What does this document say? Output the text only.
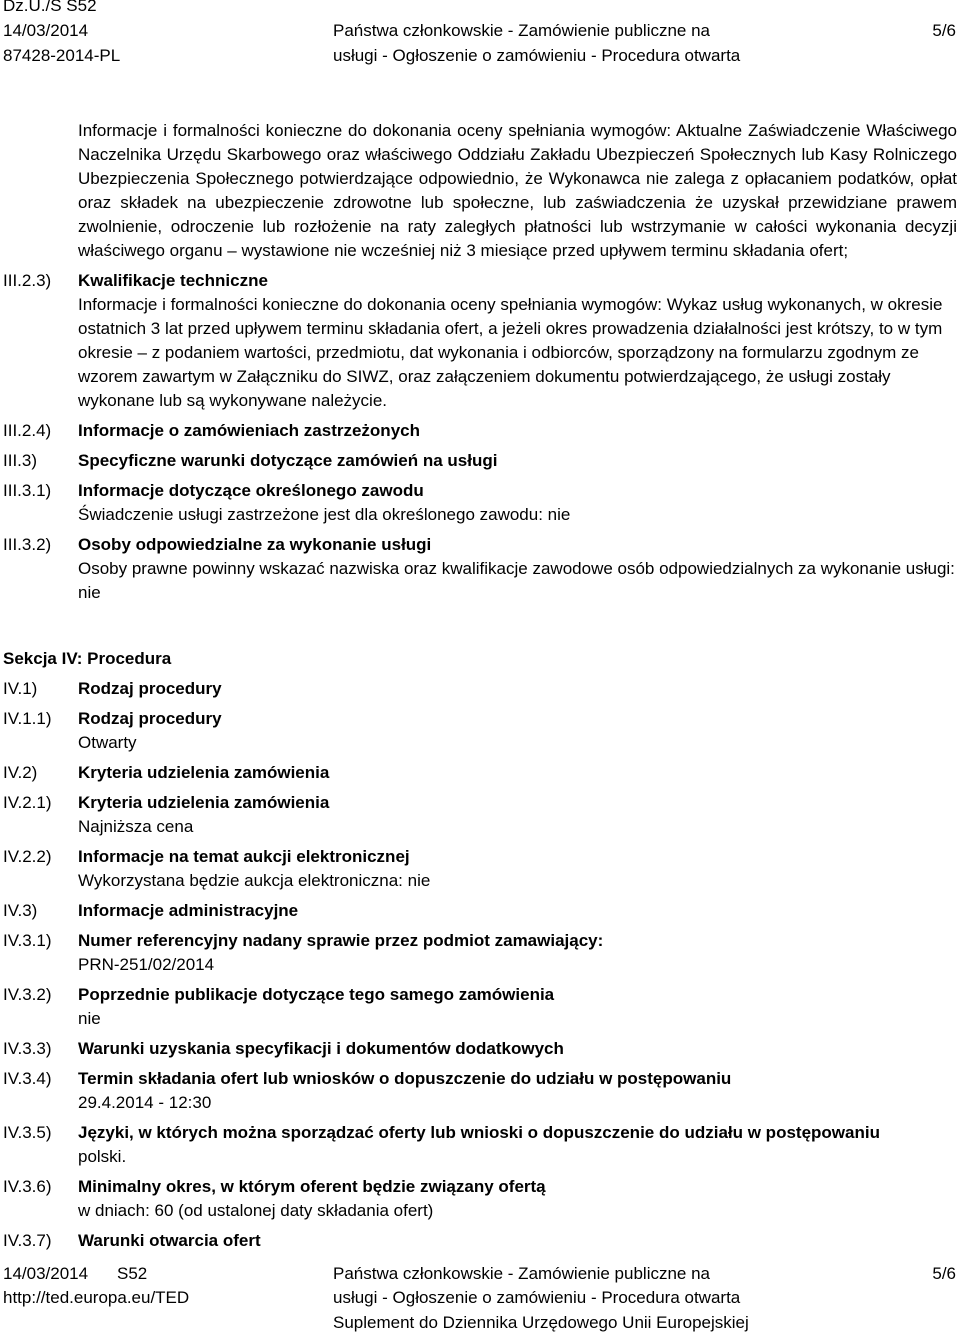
Dz.U./S S52
14/03/2014
87428-2014-PL
Państwa członkowskie - Zamówienie publiczne na
usługi - Ogłoszenie o zamówieniu - Procedura otwarta
5/6
Informacje i formalności konieczne do dokonania oceny spełniania wymogów: Aktualne Zaświadczenie Właściwego Naczelnika Urzędu Skarbowego oraz właściwego Oddziału Zakładu Ubezpieczeń Społecznych lub Kasy Rolniczego Ubezpieczenia Społecznego potwierdzające odpowiednio, że Wykonawca nie zalega z opłacaniem podatków, opłat oraz składek na ubezpieczenie zdrowotne lub społeczne, lub zaświadczenia że uzyskał przewidziane prawem zwolnienie, odroczenie lub rozłożenie na raty zaległych płatności lub wstrzymanie w całości wykonania decyzji właściwego organu – wystawione nie wcześniej niż 3 miesiące przed upływem terminu składania ofert;
III.2.3)	Kwalifikacje techniczne
Informacje i formalności konieczne do dokonania oceny spełniania wymogów: Wykaz usług wykonanych, w okresie ostatnich 3 lat przed upływem terminu składania ofert, a jeżeli okres prowadzenia działalności jest krótszy, to w tym okresie – z podaniem wartości, przedmiotu, dat wykonania i odbiorców, sporządzony na formularzu zgodnym ze wzorem zawartym w Załączniku do SIWZ, oraz załączeniem dokumentu potwierdzającego, że usługi zostały wykonane lub są wykonywane należycie.
III.2.4)	Informacje o zamówieniach zastrzeżonych
III.3)	Specyficzne warunki dotyczące zamówień na usługi
III.3.1)	Informacje dotyczące określonego zawodu
Świadczenie usługi zastrzeżone jest dla określonego zawodu: nie
III.3.2)	Osoby odpowiedzialne za wykonanie usługi
Osoby prawne powinny wskazać nazwiska oraz kwalifikacje zawodowe osób odpowiedzialnych za wykonanie usługi: nie
Sekcja IV: Procedura
IV.1)	Rodzaj procedury
IV.1.1)	Rodzaj procedury
Otwarty
IV.2)	Kryteria udzielenia zamówienia
IV.2.1)	Kryteria udzielenia zamówienia
Najniższa cena
IV.2.2)	Informacje na temat aukcji elektronicznej
Wykorzystana będzie aukcja elektroniczna: nie
IV.3)	Informacje administracyjne
IV.3.1)	Numer referencyjny nadany sprawie przez podmiot zamawiający:
PRN-251/02/2014
IV.3.2)	Poprzednie publikacje dotyczące tego samego zamówienia
nie
IV.3.3)	Warunki uzyskania specyfikacji i dokumentów dodatkowych
IV.3.4)	Termin składania ofert lub wniosków o dopuszczenie do udziału w postępowaniu
29.4.2014 - 12:30
IV.3.5)	Języki, w których można sporządzać oferty lub wnioski o dopuszczenie do udziału w postępowaniu
polski.
IV.3.6)	Minimalny okres, w którym oferent będzie związany ofertą
w dniach: 60 (od ustalonej daty składania ofert)
IV.3.7)	Warunki otwarcia ofert
14/03/2014 S52
http://ted.europa.eu/TED
Państwa członkowskie - Zamówienie publiczne na
usługi - Ogłoszenie o zamówieniu - Procedura otwarta
Suplement do Dziennika Urzędowego Unii Europejskiej
5/6
